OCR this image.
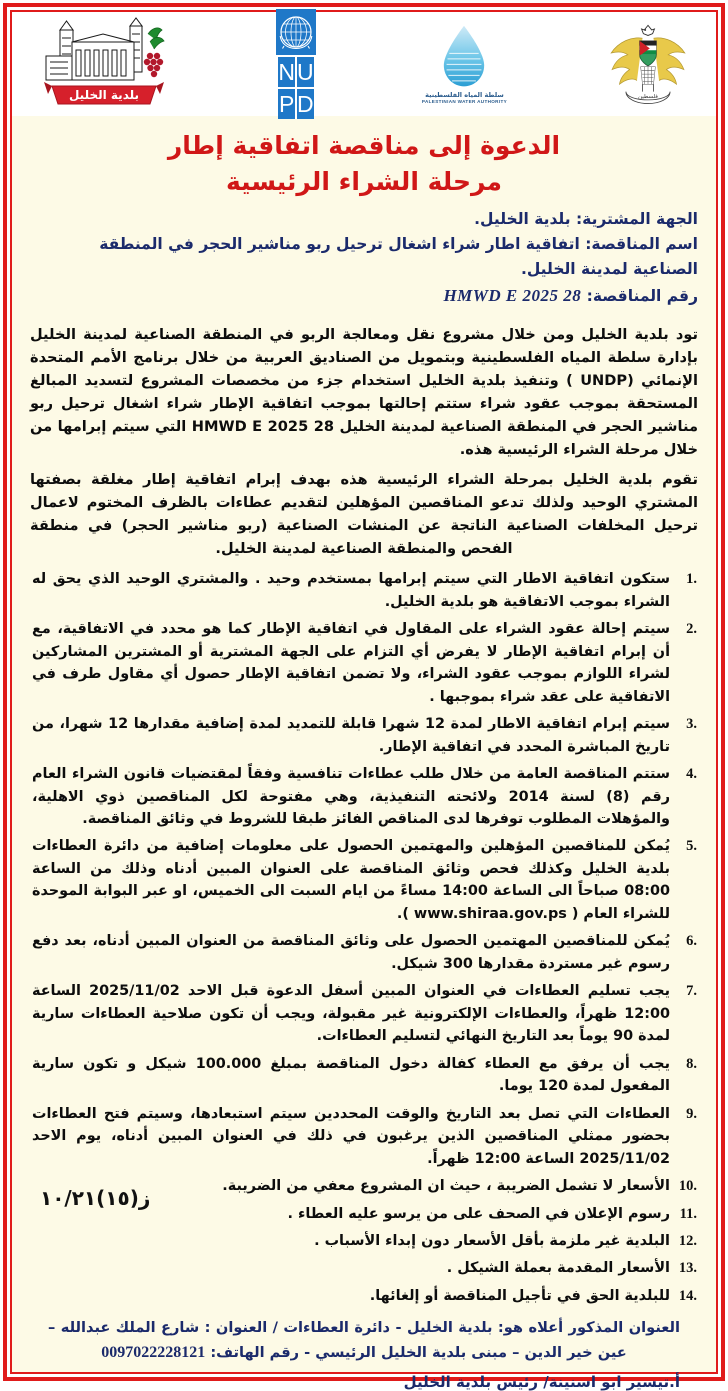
فلسطين
سلطة المياه الفلسطينية
PALESTINIAN WATER AUTHORITY
U
N
D
P
بلدية الخليل
الدعوة إلى مناقصة اتفاقية إطار
مرحلة الشراء الرئيسية
الجهة المشترية: بلدية الخليل.
اسم المناقصة: اتفاقية اطار شراء اشغال ترحيل ربو مناشير الحجر في المنطقة الصناعية لمدينة الخليل.
رقم المناقصة: HMWD E 2025 28

تود بلدية الخليل ومن خلال مشروع نقل ومعالجة الربو في المنطقة الصناعية لمدينة الخليل بإدارة سلطة المياه الفلسطينية وبتمويل من الصناديق العربية من خلال برنامج الأمم المتحدة الإنمائي (UNDP ) وتنفيذ بلدية الخليل استخدام جزء من مخصصات المشروع لتسديد المبالغ المستحقة بموجب عقود شراء ستتم إحالتها بموجب اتفاقية الإطار شراء اشغال ترحيل ربو مناشير الحجر في المنطقة الصناعية لمدينة الخليل HMWD E 2025 28 التي سيتم إبرامها من خلال مرحلة الشراء الرئيسية هذه.

تقوم بلدية الخليل بمرحلة الشراء الرئيسية هذه بهدف إبرام اتفاقية إطار مغلقة بصفتها المشتري الوحيد ولذلك تدعو المناقصين المؤهلين لتقديم عطاءات بالظرف المختوم لاعمال ترحيل المخلفات الصناعية الناتجة عن المنشات الصناعية (ربو مناشير الحجر) في منطقة الفحص والمنطقة الصناعية لمدينة الخليل.

ستكون اتفاقية الاطار التي سيتم إبرامها بمستخدم وحيد . والمشتري الوحيد الذي يحق له الشراء بموجب الاتفاقية هو بلدية الخليل.
سيتم إحالة عقود الشراء على المقاول في اتفاقية الإطار كما هو محدد في الاتفاقية، مع أن إبرام اتفاقية الإطار لا يفرض أي التزام على الجهة المشترية أو المشترين المشاركين لشراء اللوازم بموجب عقود الشراء، ولا تضمن اتفاقية الإطار حصول أي مقاول طرف في الاتفاقية على عقد شراء بموجبها .
سيتم إبرام اتفاقية الاطار لمدة 12 شهرا قابلة للتمديد لمدة إضافية مقدارها 12 شهرا، من تاريخ المباشرة المحدد في اتفاقية الإطار.
ستتم المناقصة العامة من خلال طلب عطاءات تنافسية وفقاً لمقتضيات قانون الشراء العام رقم (8) لسنة 2014 ولائحته التنفيذية، وهي مفتوحة لكل المناقصين ذوي الاهلية، والمؤهلات المطلوب توفرها لدى المناقص الفائز طبقا للشروط في وثائق المناقصة.
يُمكن للمناقصين المؤهلين والمهتمين الحصول على معلومات إضافية من دائرة العطاءات بلدية الخليل وكذلك فحص وثائق المناقصة على العنوان المبين أدناه وذلك من الساعة 08:00 صباحاً الى الساعة 14:00 مساءً من ايام السبت الى الخميس، او عبر البوابة الموحدة للشراء العام ( www.shiraa.gov.ps ).
يُمكن للمناقصين المهتمين الحصول على وثائق المناقصة من العنوان المبين أدناه، بعد دفع رسوم غير مستردة مقدارها 300 شيكل.
يجب تسليم العطاءات في العنوان المبين أسفل الدعوة قبل الاحد 2025/11/02 الساعة 12:00 ظهراً، والعطاءات الإلكترونية غير مقبولة، ويجب أن تكون صلاحية العطاءات سارية لمدة 90 يوماً بعد التاريخ النهائي لتسليم العطاءات.
يجب أن يرفق مع العطاء كفالة دخول المناقصة بمبلغ 100.000 شيكل و تكون سارية المفعول لمدة 120 يوما.
العطاءات التي تصل بعد التاريخ والوقت المحددين سيتم استبعادها، وسيتم فتح العطاءات بحضور ممثلي المناقصين الذين يرغبون في ذلك في العنوان المبين أدناه، يوم الاحد 2025/11/02 الساعة 12:00 ظهراً.
الأسعار لا تشمل الضريبة ، حيث ان المشروع معفي من الضريبة.
رسوم الإعلان في الصحف على من يرسو عليه العطاء .
البلدية غير ملزمة بأقل الأسعار دون إبداء الأسباب .
الأسعار المقدمة بعملة الشيكل .
للبلدية الحق في تأجيل المناقصة أو إلغائها.
العنوان المذكور أعلاه هو: بلدية الخليل - دائرة العطاءات / العنوان : شارع الملك عبدالله – عين خير الدين – مبنى بلدية الخليل الرئيسي - رقم الهاتف: 0097022228121
أ.تيسير ابو اسنينة/ رئيس بلدية الخليل
ز(١٥)١٠/٢١
